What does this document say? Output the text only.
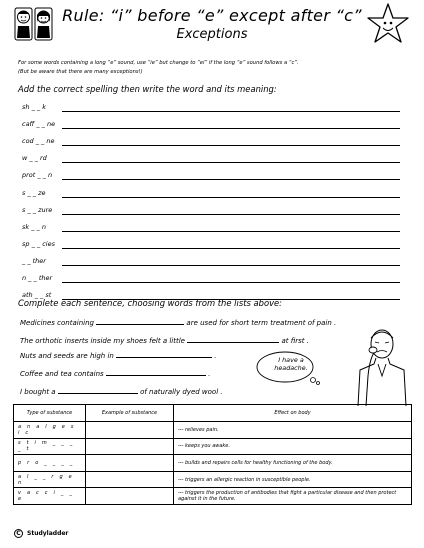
Rule: “i” before “e” except after “c”
Exceptions
For some words containing a long “e” sound, use “ie” but change to “ei” if the long “e” sound follows a “c”.
(But be aware that there are many exceptions!)
Add the correct spelling then write the word and its meaning:
sh _ _ k
caff _ _ ne
cod _ _ ne
w _ _ rd
prot _ _ n
s _ _ ze
s _ _ zure
sk _ _ n
sp _ _ cies
_ _ ther
n _ _ ther
ath _ _ st
Complete each sentence, choosing words from the lists above:
Medicines containing	are used for short term treatment of pain .
The orthotic inserts inside my shoes felt a little	at first .
Nuts and seeds are high in	.
Coffee and tea contains	.
I bought a	of naturally dyed wool .
I have a
headache.
Type of substance	Example of substance	Effect on body
a n a l g e s i c		--- relieves pain.
s t i m _ _ _ _ t		--- keeps you awake.
p r o _ _ _ _		--- builds and repairs cells for healthy functioning of the body.
a l _ _ r g e n		--- triggers an allergic reaction in susceptible people.
v a c c i _ _ e		--- triggers the production of antibodies that fight a particular disease and then protect against it in the future.
C Studyladder
